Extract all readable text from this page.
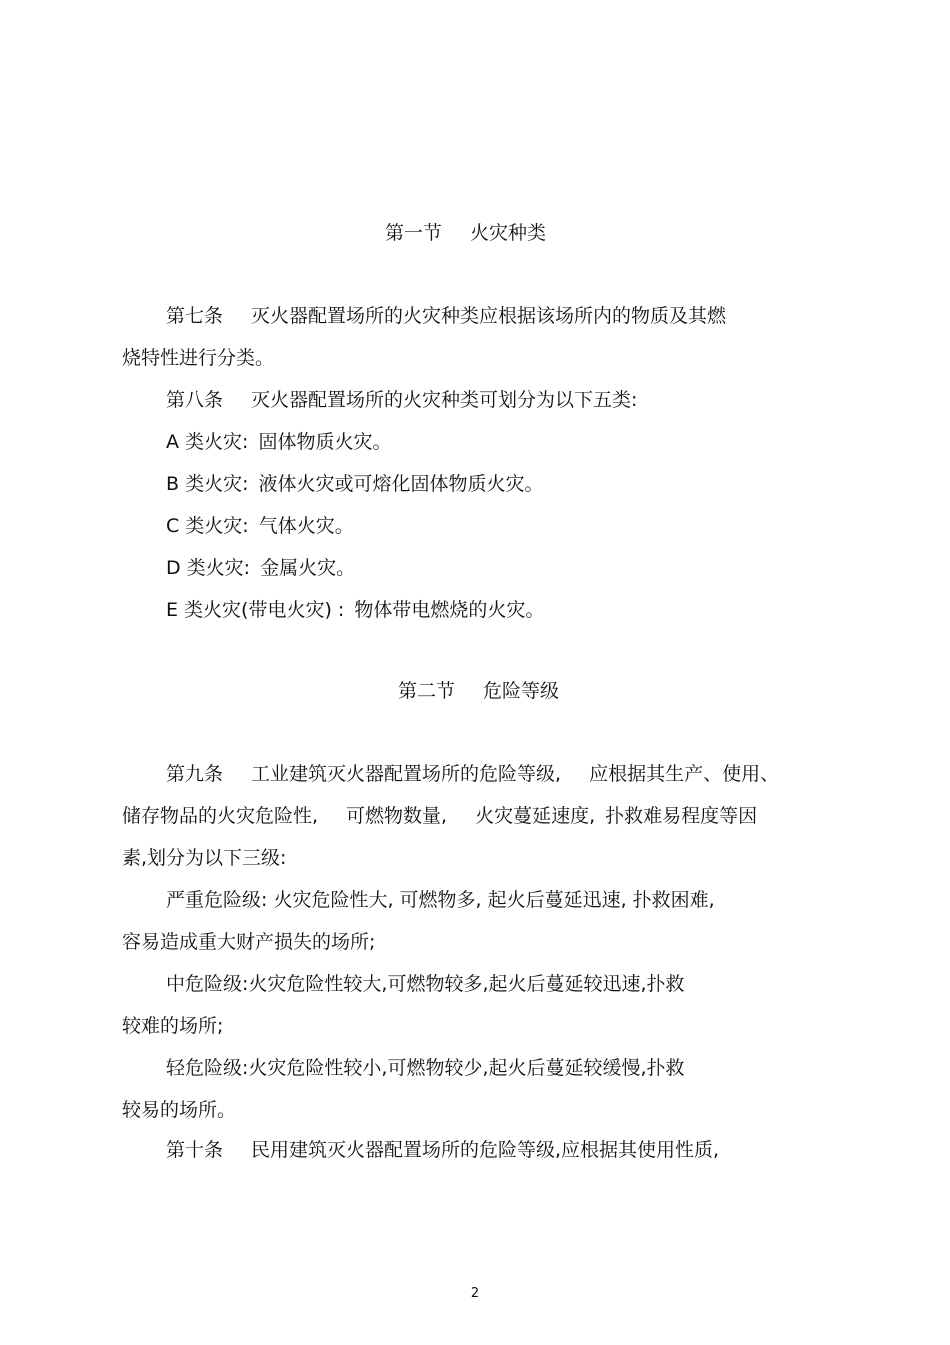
第一节 火灾种类
第七条 灭火器配置场所的火灾种类应根据该场所内的物质及其燃
烧特性进行分类。
第八条 灭火器配置场所的火灾种类可划分为以下五类:
A 类火灾: 固体物质火灾。
B 类火灾: 液体火灾或可熔化固体物质火灾。
C 类火灾: 气体火灾。
D 类火灾: 金属火灾。
E 类火灾(带电火灾) : 物体带电燃烧的火灾。
第二节 危险等级
第九条 工业建筑灭火器配置场所的危险等级, 应根据其生产、使用、
储存物品的火灾危险性, 可燃物数量, 火灾蔓延速度, 扑救难易程度等因
素,划分为以下三级:
严重危险级: 火灾危险性大, 可燃物多, 起火后蔓延迅速, 扑救困难,
容易造成重大财产损失的场所;
中危险级:火灾危险性较大,可燃物较多,起火后蔓延较迅速,扑救
较难的场所;
轻危险级:火灾危险性较小,可燃物较少,起火后蔓延较缓慢,扑救
较易的场所。
第十条 民用建筑灭火器配置场所的危险等级,应根据其使用性质,
2
